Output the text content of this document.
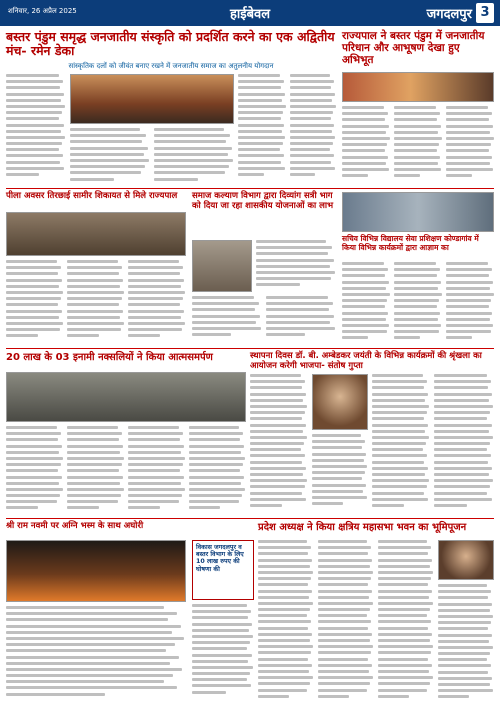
शनिवार, 26 अप्रैल 2025	हाईबेवल	जगदलपुर 3
बस्तर पंडुम समृद्ध जनजातीय संस्कृति को प्रदर्शित करने का एक अद्वितीय मंच- रमेन डेका
सांस्कृतिक दलों को जीवंत बनाए रखने में जनजातीय समाज का अतुलनीय योगदान
राज्यपाल ने बस्तर पंडुम में जनजातीय परिधान और आभूषण देखा हुए अभिभूत
पीला अवसर तिरछाई सामीर शिकायत से मिले राज्यपाल	समाज कल्याण विभाग द्वारा दिव्यांग सत्री भाग को दिया जा रहा शासकीय योजनाओं का लाभ
सचिव विभिन्न विद्यालय सेवा प्रशिक्षण कोण्डागांव में किया विभिन्न कार्यक्रमों द्वारा आज्ञाम का
20 लाख के 03 इनामी नक्सलियों ने किया आत्मसमर्पण	स्थापना दिवस डॉ. बी. अम्बेडकर जयंती के विभिन्न कार्यक्रमों की श्रृंखला का आयोजन करेगी भाजपा- संतोष गुप्ता
श्री राम नवमी पर अग्नि भस्म के साथ अघोरी
विकास जगदलपुर व बस्तर विभाग के लिए 10 लाख रुपए की घोषणा की
प्रदेश अध्यक्ष ने किया क्षत्रिय महासभा भवन का भूमिपूजन
